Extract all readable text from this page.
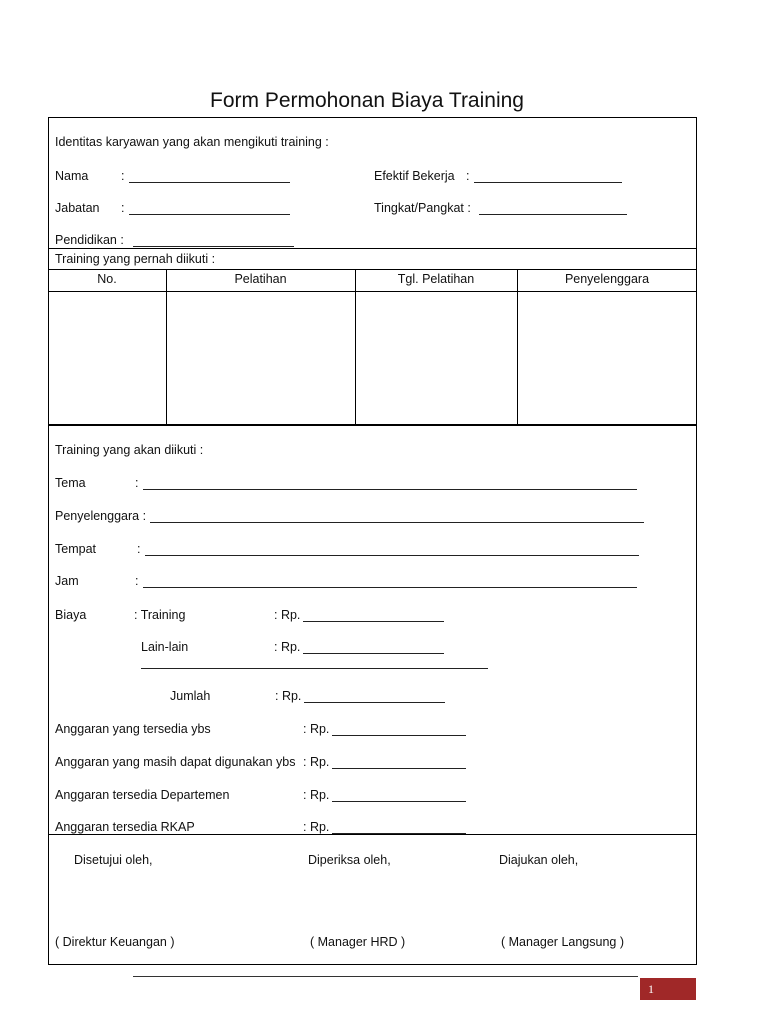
Form Permohonan Biaya Training
Identitas karyawan yang akan mengikuti training :
Nama	:	Efektif Bekerja :
Jabatan :	Tingkat/Pangkat :
Pendidikan :
Training yang pernah diikuti :
No.	Pelatihan	Tgl. Pelatihan	Penyelenggara
Training yang akan diikuti :
Tema	:
Penyelenggara :
Tempat	:
Jam	:
Biaya	: Training	: Rp.
Lain-lain	: Rp.
Jumlah	: Rp.
Anggaran yang tersedia ybs	: Rp.
Anggaran yang masih dapat digunakan ybs : Rp.
Anggaran tersedia Departemen	: Rp.
Anggaran tersedia RKAP	: Rp.
Disetujui oleh,	Diperiksa oleh,	Diajukan oleh,
( Direktur Keuangan )	( Manager HRD )	( Manager Langsung )
1
